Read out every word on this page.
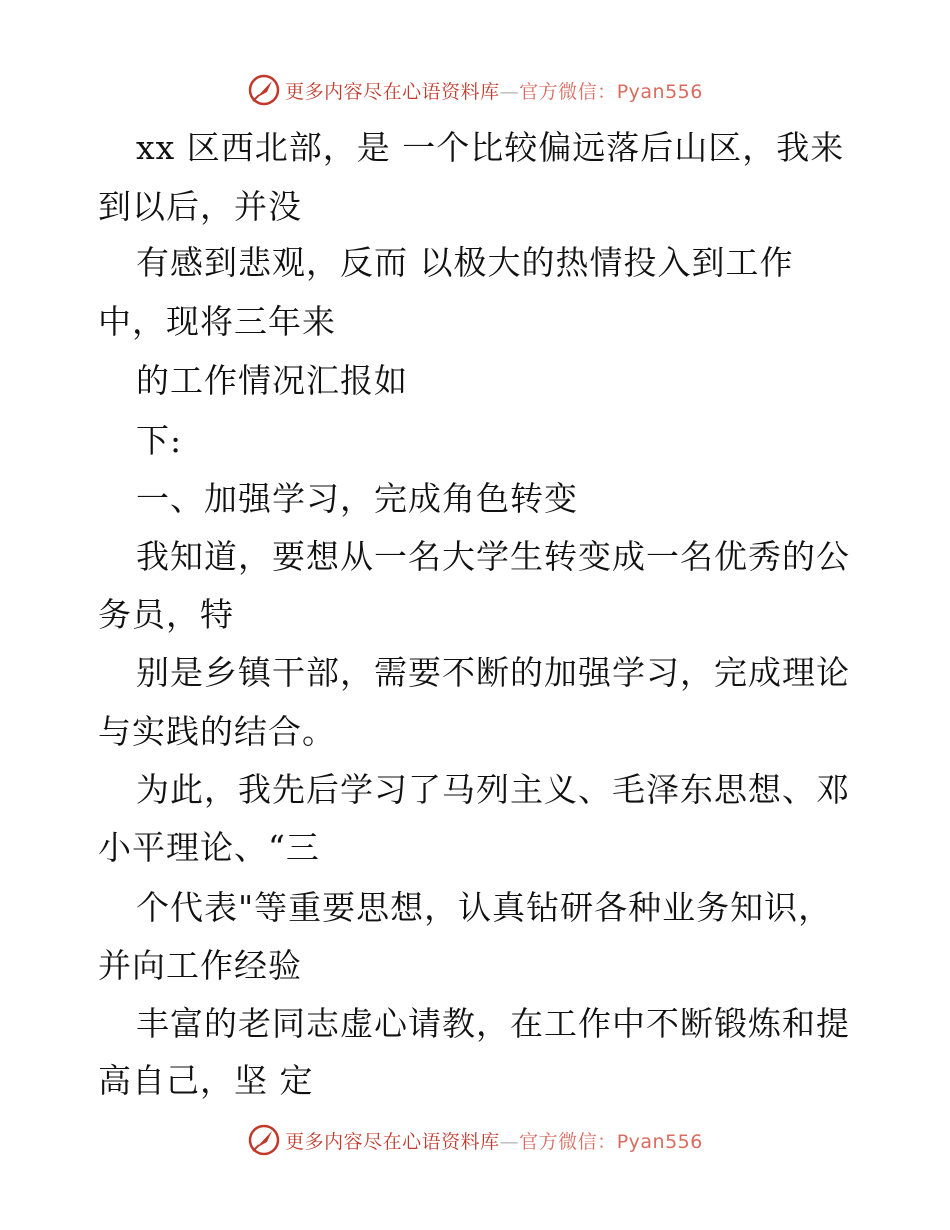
更多内容尽在心语资料库—官方微信：Pyan556
xx 区西北部，是 一个比较偏远落后山区，我来
到以后，并没
有感到悲观，反而 以极大的热情投入到工作
中，现将三年来
的工作情况汇报如
下:
一、加强学习，完成角色转变
我知道，要想从一名大学生转变成一名优秀的公
务员，特
别是乡镇干部，需要不断的加强学习，完成理论
与实践的结合。
为此，我先后学习了马列主义、毛泽东思想、邓
小平理论、“三
个代表"等重要思想，认真钻研各种业务知识，
并向工作经验
丰富的老同志虚心请教，在工作中不断锻炼和提
高自己，坚 定
更多内容尽在心语资料库—官方微信：Pyan556
